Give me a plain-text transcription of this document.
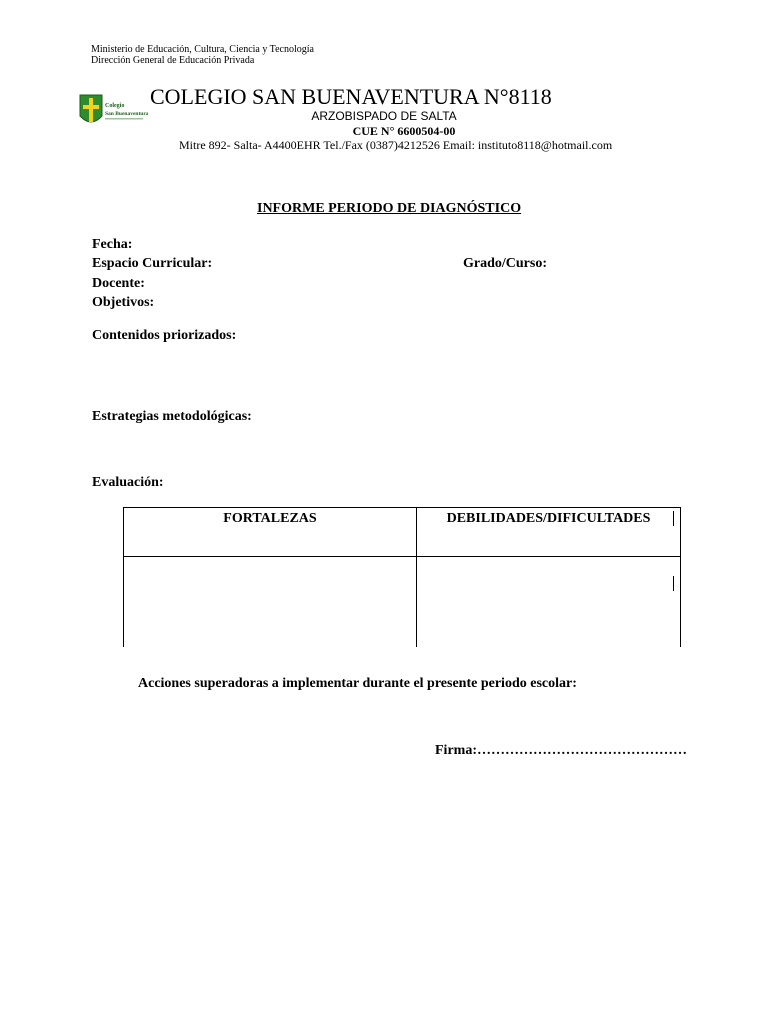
Ministerio de Educación, Cultura, Ciencia y Tecnología
Dirección General de Educación Privada
Colegio
San Buenaventura
COLEGIO SAN BUENAVENTURA N°8118
ARZOBISPADO DE SALTA
CUE N° 6600504-00
Mitre 892- Salta- A4400EHR Tel./Fax (0387)4212526 Email: instituto8118@hotmail.com
INFORME PERIODO DE DIAGNÓSTICO
Fecha:
Espacio Curricular:	Grado/Curso:
Docente:
Objetivos:
Contenidos priorizados:
Estrategias metodológicas:
Evaluación:
FORTALEZAS	DEBILIDADES/DIFICULTADES

Acciones superadoras a implementar durante el presente periodo escolar:
Firma:………………………………………
